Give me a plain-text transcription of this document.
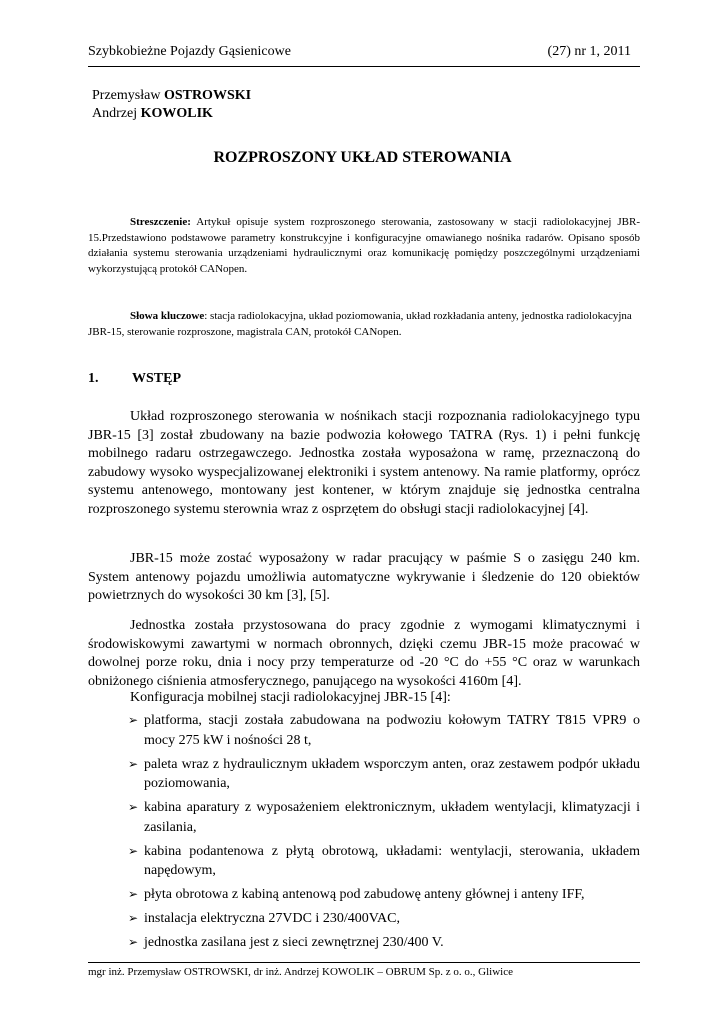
Szybkobieżne Pojazdy Gąsienicowe	(27) nr 1, 2011
Przemysław OSTROWSKI
Andrzej KOWOLIK
ROZPROSZONY UKŁAD STEROWANIA
Streszczenie: Artykuł opisuje system rozproszonego sterowania, zastosowany w stacji radiolokacyjnej JBR-15.Przedstawiono podstawowe parametry konstrukcyjne i konfiguracyjne omawianego nośnika radarów. Opisano sposób działania systemu sterowania urządzeniami hydraulicznymi oraz komunikację pomiędzy poszczególnymi urządzeniami wykorzystującą protokół CANopen.
Słowa kluczowe: stacja radiolokacyjna, układ poziomowania, układ rozkładania anteny, jednostka radiolokacyjna JBR-15, sterowanie rozproszone, magistrala CAN, protokół CANopen.
1. WSTĘP

Układ rozproszonego sterowania w nośnikach stacji rozpoznania radiolokacyjnego typu JBR-15 [3] został zbudowany na bazie podwozia kołowego TATRA (Rys. 1) i pełni funkcję mobilnego radaru ostrzegawczego. Jednostka została wyposażona w ramę, przeznaczoną do zabudowy wysoko wyspecjalizowanej elektroniki i system antenowy. Na ramie platformy, oprócz systemu antenowego, montowany jest kontener, w którym znajduje się jednostka centralna rozproszonego systemu sterownia wraz z osprzętem do obsługi stacji radiolokacyjnej [4].

JBR-15 może zostać wyposażony w radar pracujący w paśmie S o zasięgu 240 km. System antenowy pojazdu umożliwia automatyczne wykrywanie i śledzenie do 120 obiektów powietrznych do wysokości 30 km [3], [5].

Jednostka została przystosowana do pracy zgodnie z wymogami klimatycznymi i środowiskowymi zawartymi w normach obronnych, dzięki czemu JBR-15 może pracować w dowolnej porze roku, dnia i nocy przy temperaturze od -20 °C do +55 °C oraz w warunkach obniżonego ciśnienia atmosferycznego, panującego na wysokości 4160m [4].

Konfiguracja mobilnej stacji radiolokacyjnej JBR-15 [4]:

➢ platforma, stacji została zabudowana na podwoziu kołowym TATRY T815 VPR9 o mocy 275 kW i nośności 28 t,
➢ paleta wraz z hydraulicznym układem wsporczym anten, oraz zestawem podpór układu poziomowania,
➢ kabina aparatury z wyposażeniem elektronicznym, układem wentylacji, klimatyzacji i zasilania,
➢ kabina podantenowa z płytą obrotową, układami: wentylacji, sterowania, układem napędowym,
➢ płyta obrotowa z kabiną antenową pod zabudowę anteny głównej i anteny IFF,
➢ instalacja elektryczna 27VDC i 230/400VAC,
➢ jednostka zasilana jest z sieci zewnętrznej 230/400 V.
mgr inż. Przemysław OSTROWSKI, dr inż. Andrzej KOWOLIK – OBRUM Sp. z o. o., Gliwice
